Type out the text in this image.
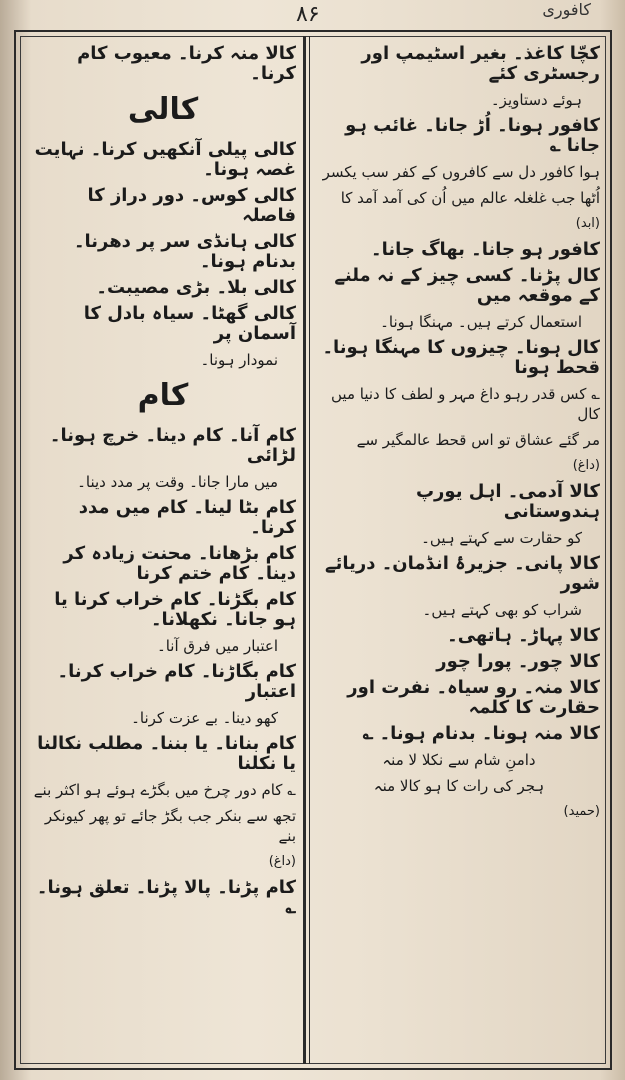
۸۶	کافوری
کچّا کاغذ۔ بغیر اسٹیمپ اور رجسٹری کئے
ہوئے دستاویز۔
کافور ہونا۔ اُڑ جانا۔ غائب ہو جانا ؎
ہوا کافور دل سے کافروں کے کفر سب یکسر
اُٹھا جب غلغلہ عالم میں اُن کی آمد آمد کا
(ابد)
کافور ہو جانا۔ بھاگ جانا۔
کال پڑنا۔ کسی چیز کے نہ ملنے کے موقعہ میں
استعمال کرتے ہیں۔ مہنگا ہونا۔
کال ہونا۔ چیزوں کا مہنگا ہونا۔ قحط ہونا
؎ کس قدر رہو داغ مہر و لطف کا دنیا میں کال
مر گئے عشاق تو اس قحط عالمگیر سے
(داغ)
کالا آدمی۔ اہل یورپ ہندوستانی
کو حقارت سے کہتے ہیں۔
کالا پانی۔ جزیرۂ انڈمان۔ دریائے شور
شراب کو بھی کہتے ہیں۔
کالا پہاڑ۔ ہاتھی۔
کالا چور۔ پورا چور
کالا منہ۔ رو سیاہ۔ نفرت اور حقارت کا کلمہ
کالا منہ ہونا۔ بدنام ہونا۔ ؎
دامنِ شام سے نکلا لا منہ
ہجر کی رات کا ہو کالا منہ
(حمید)
کالا منہ کرنا۔ معیوب کام کرنا۔
کالی
کالی پیلی آنکھیں کرنا۔ نہایت غصہ ہونا۔
کالی کوس۔ دور دراز کا فاصلہ
کالی ہانڈی سر پر دھرنا۔ بدنام ہونا۔
کالی بلا۔ بڑی مصیبت۔
کالی گھٹا۔ سیاہ بادل کا آسمان پر
نمودار ہونا۔
کام
کام آنا۔ کام دینا۔ خرچ ہونا۔ لڑائی
میں مارا جانا۔ وقت پر مدد دینا۔
کام بٹا لینا۔ کام میں مدد کرنا۔
کام بڑھانا۔ محنت زیادہ کر دینا۔ کام ختم کرنا
کام بگڑنا۔ کام خراب کرنا یا ہو جانا۔ نکھلانا۔
اعتبار میں فرق آنا۔
کام بگاڑنا۔ کام خراب کرنا۔ اعتبار
کھو دینا۔ بے عزت کرنا۔
کام بنانا۔ یا بننا۔ مطلب نکالنا یا نکلنا
؎ کام دور چرخ میں بگڑے ہوئے ہو اکثر بنے
تجھ سے بنکر جب بگڑ جائے تو پھر کیونکر بنے
(داغ)
کام پڑنا۔ پالا پڑنا۔ تعلق ہونا۔ ؎
